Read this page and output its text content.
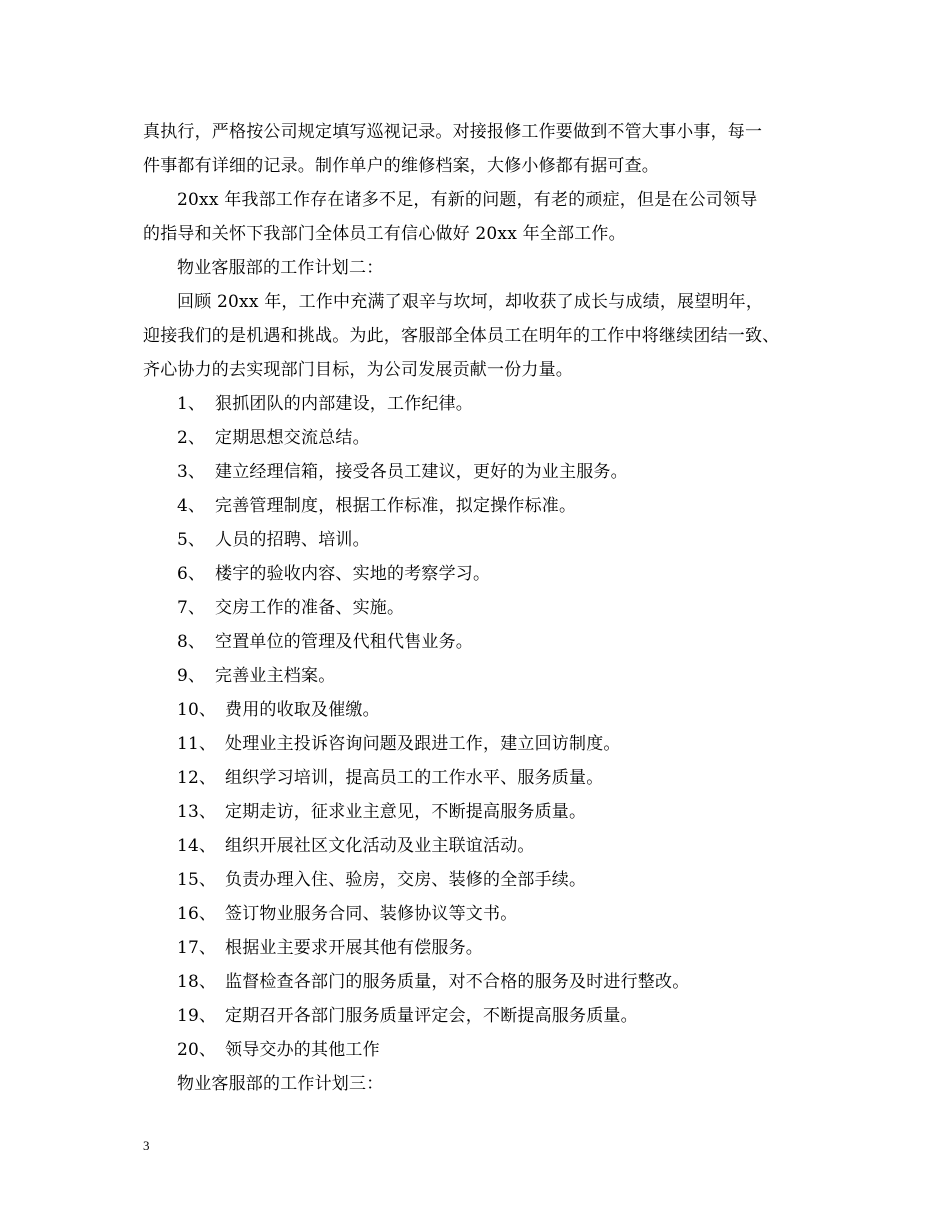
真执行，严格按公司规定填写巡视记录。对接报修工作要做到不管大事小事，每一
件事都有详细的记录。制作单户的维修档案，大修小修都有据可查。
20xx 年我部工作存在诸多不足，有新的问题，有老的顽症，但是在公司领导
的指导和关怀下我部门全体员工有信心做好 20xx 年全部工作。
物业客服部的工作计划二：
回顾 20xx 年，工作中充满了艰辛与坎坷，却收获了成长与成绩，展望明年，
迎接我们的是机遇和挑战。为此，客服部全体员工在明年的工作中将继续团结一致、
齐心协力的去实现部门目标，为公司发展贡献一份力量。
1、 狠抓团队的内部建设，工作纪律。
2、 定期思想交流总结。
3、 建立经理信箱，接受各员工建议，更好的为业主服务。
4、 完善管理制度，根据工作标准，拟定操作标准。
5、 人员的招聘、培训。
6、 楼宇的验收内容、实地的考察学习。
7、 交房工作的准备、实施。
8、 空置单位的管理及代租代售业务。
9、 完善业主档案。
10、 费用的收取及催缴。
11、 处理业主投诉咨询问题及跟进工作，建立回访制度。
12、 组织学习培训，提高员工的工作水平、服务质量。
13、 定期走访，征求业主意见，不断提高服务质量。
14、 组织开展社区文化活动及业主联谊活动。
15、 负责办理入住、验房，交房、装修的全部手续。
16、 签订物业服务合同、装修协议等文书。
17、 根据业主要求开展其他有偿服务。
18、 监督检查各部门的服务质量，对不合格的服务及时进行整改。
19、 定期召开各部门服务质量评定会，不断提高服务质量。
20、 领导交办的其他工作
物业客服部的工作计划三：
3
